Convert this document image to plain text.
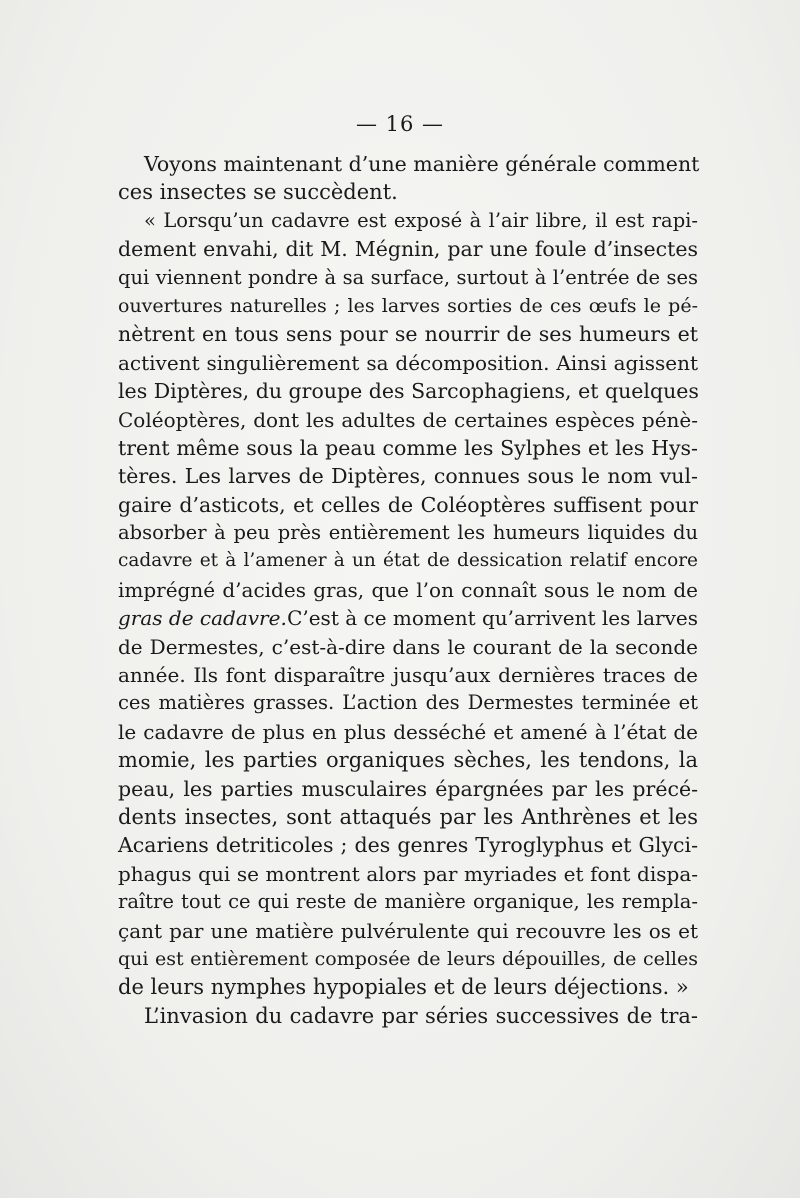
— 16 —
Voyons maintenant d’une manière générale comment
ces insectes se succèdent.
« Lorsqu’un cadavre est exposé à l’air libre, il est rapi-
dement envahi, dit M. Mégnin, par une foule d’insectes
qui viennent pondre à sa surface, surtout à l’entrée de ses
ouvertures naturelles ; les larves sorties de ces œufs le pé-
nètrent en tous sens pour se nourrir de ses humeurs et
activent singulièrement sa décomposition. Ainsi agissent
les Diptères, du groupe des Sarcophagiens, et quelques
Coléoptères, dont les adultes de certaines espèces pénè-
trent même sous la peau comme les Sylphes et les Hys-
tères. Les larves de Diptères, connues sous le nom vul-
gaire d’asticots, et celles de Coléoptères suffisent pour
absorber à peu près entièrement les humeurs liquides du
cadavre et à l’amener à un état de dessication relatif encore
imprégné d’acides gras, que l’on connaît sous le nom de
gras de cadavre. C’est à ce moment qu’arrivent les larves
de Dermestes, c’est-à-dire dans le courant de la seconde
année. Ils font disparaître jusqu’aux dernières traces de
ces matières grasses. L’action des Dermestes terminée et
le cadavre de plus en plus desséché et amené à l’état de
momie, les parties organiques sèches, les tendons, la
peau, les parties musculaires épargnées par les précé-
dents insectes, sont attaqués par les Anthrènes et les
Acariens detriticoles ; des genres Tyroglyphus et Glyci-
phagus qui se montrent alors par myriades et font dispa-
raître tout ce qui reste de manière organique, les rempla-
çant par une matière pulvérulente qui recouvre les os et
qui est entièrement composée de leurs dépouilles, de celles
de leurs nymphes hypopiales et de leurs déjections. »
L’invasion du cadavre par séries successives de tra-
